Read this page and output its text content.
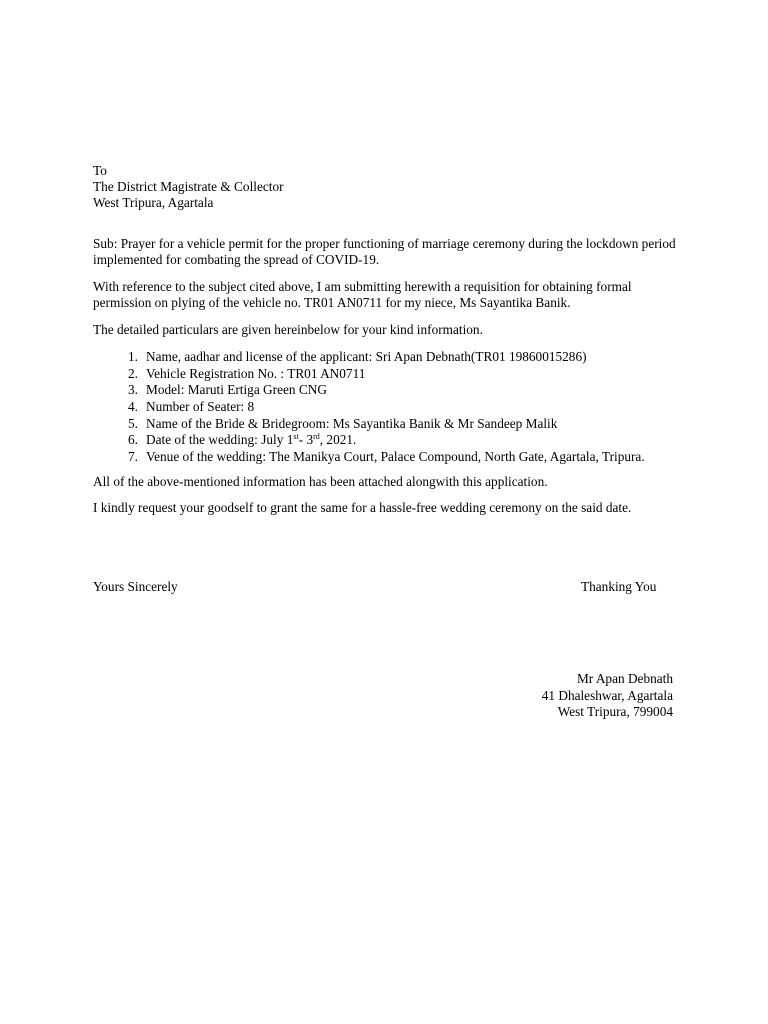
To
The District Magistrate & Collector
West Tripura, Agartala
Sub: Prayer for a vehicle permit for the proper functioning of marriage ceremony during the lockdown period implemented for combating the spread of COVID-19.
With reference to the subject cited above, I am submitting herewith a requisition for obtaining formal permission on plying of the vehicle no. TR01 AN0711 for my niece, Ms Sayantika Banik.
The detailed particulars are given hereinbelow for your kind information.
1. Name, aadhar and license of the applicant: Sri Apan Debnath(TR01 19860015286)
2. Vehicle Registration No. : TR01 AN0711
3. Model: Maruti Ertiga Green CNG
4. Number of Seater: 8
5. Name of the Bride & Bridegroom: Ms Sayantika Banik & Mr Sandeep Malik
6. Date of the wedding: July 1st- 3rd, 2021.
7. Venue of the wedding: The Manikya Court, Palace Compound, North Gate, Agartala, Tripura.
All of the above-mentioned information has been attached alongwith this application.
I kindly request your goodself to grant the same for a hassle-free wedding ceremony on the said date.
Yours Sincerely	Thanking You
Mr Apan Debnath
41 Dhaleshwar, Agartala
West Tripura, 799004
